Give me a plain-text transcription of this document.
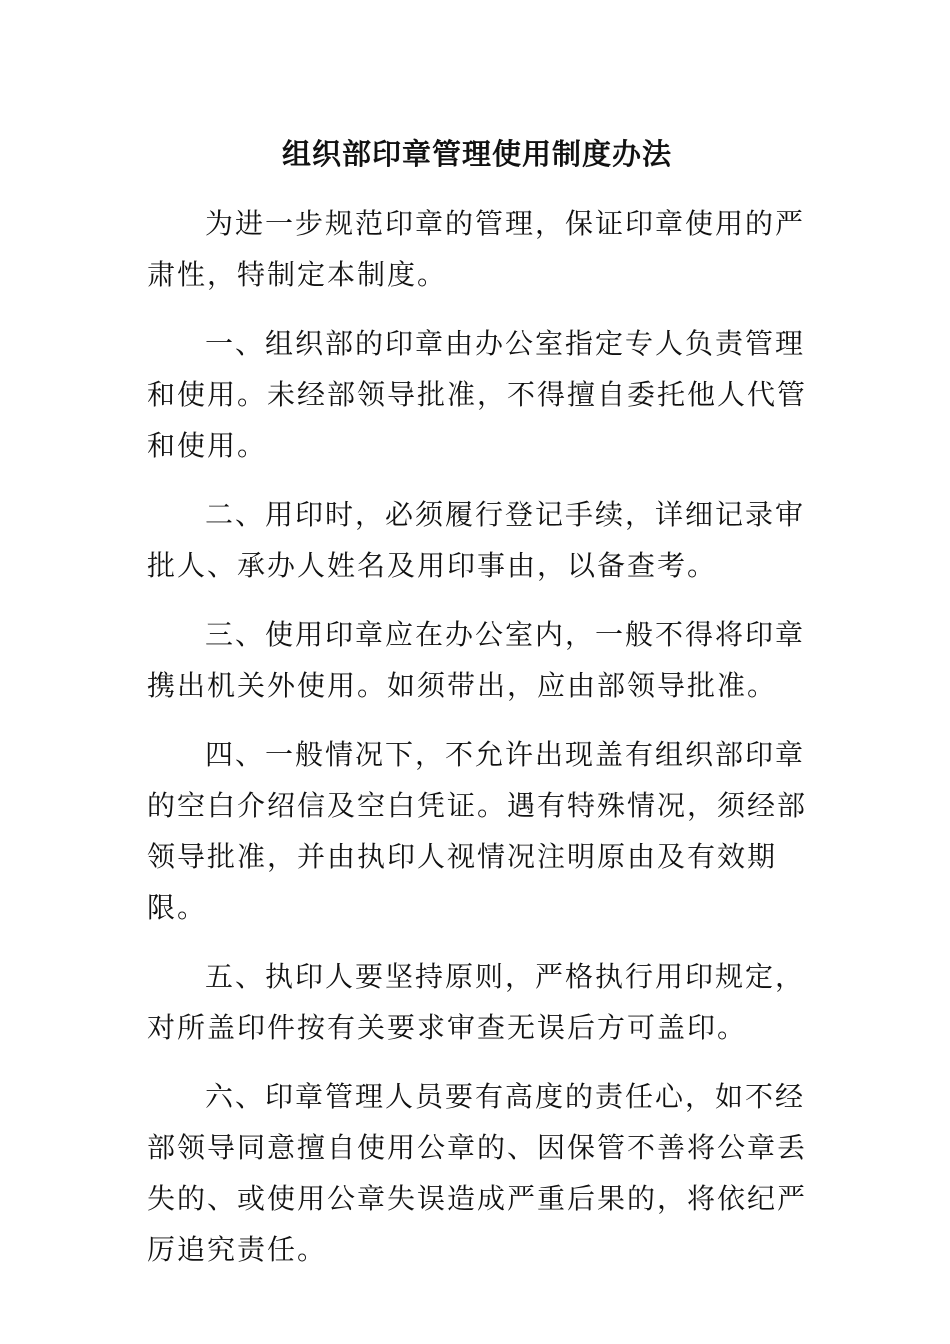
组织部印章管理使用制度办法

为进一步规范印章的管理，保证印章使用的严肃性，特制定本制度。

一、组织部的印章由办公室指定专人负责管理和使用。未经部领导批准，不得擅自委托他人代管和使用。

二、用印时，必须履行登记手续，详细记录审批人、承办人姓名及用印事由，以备查考。

三、使用印章应在办公室内，一般不得将印章携出机关外使用。如须带出，应由部领导批准。

四、一般情况下，不允许出现盖有组织部印章的空白介绍信及空白凭证。遇有特殊情况，须经部领导批准，并由执印人视情况注明原由及有效期限。

五、执印人要坚持原则，严格执行用印规定，对所盖印件按有关要求审查无误后方可盖印。

六、印章管理人员要有高度的责任心，如不经部领导同意擅自使用公章的、因保管不善将公章丢失的、或使用公章失误造成严重后果的，将依纪严厉追究责任。
